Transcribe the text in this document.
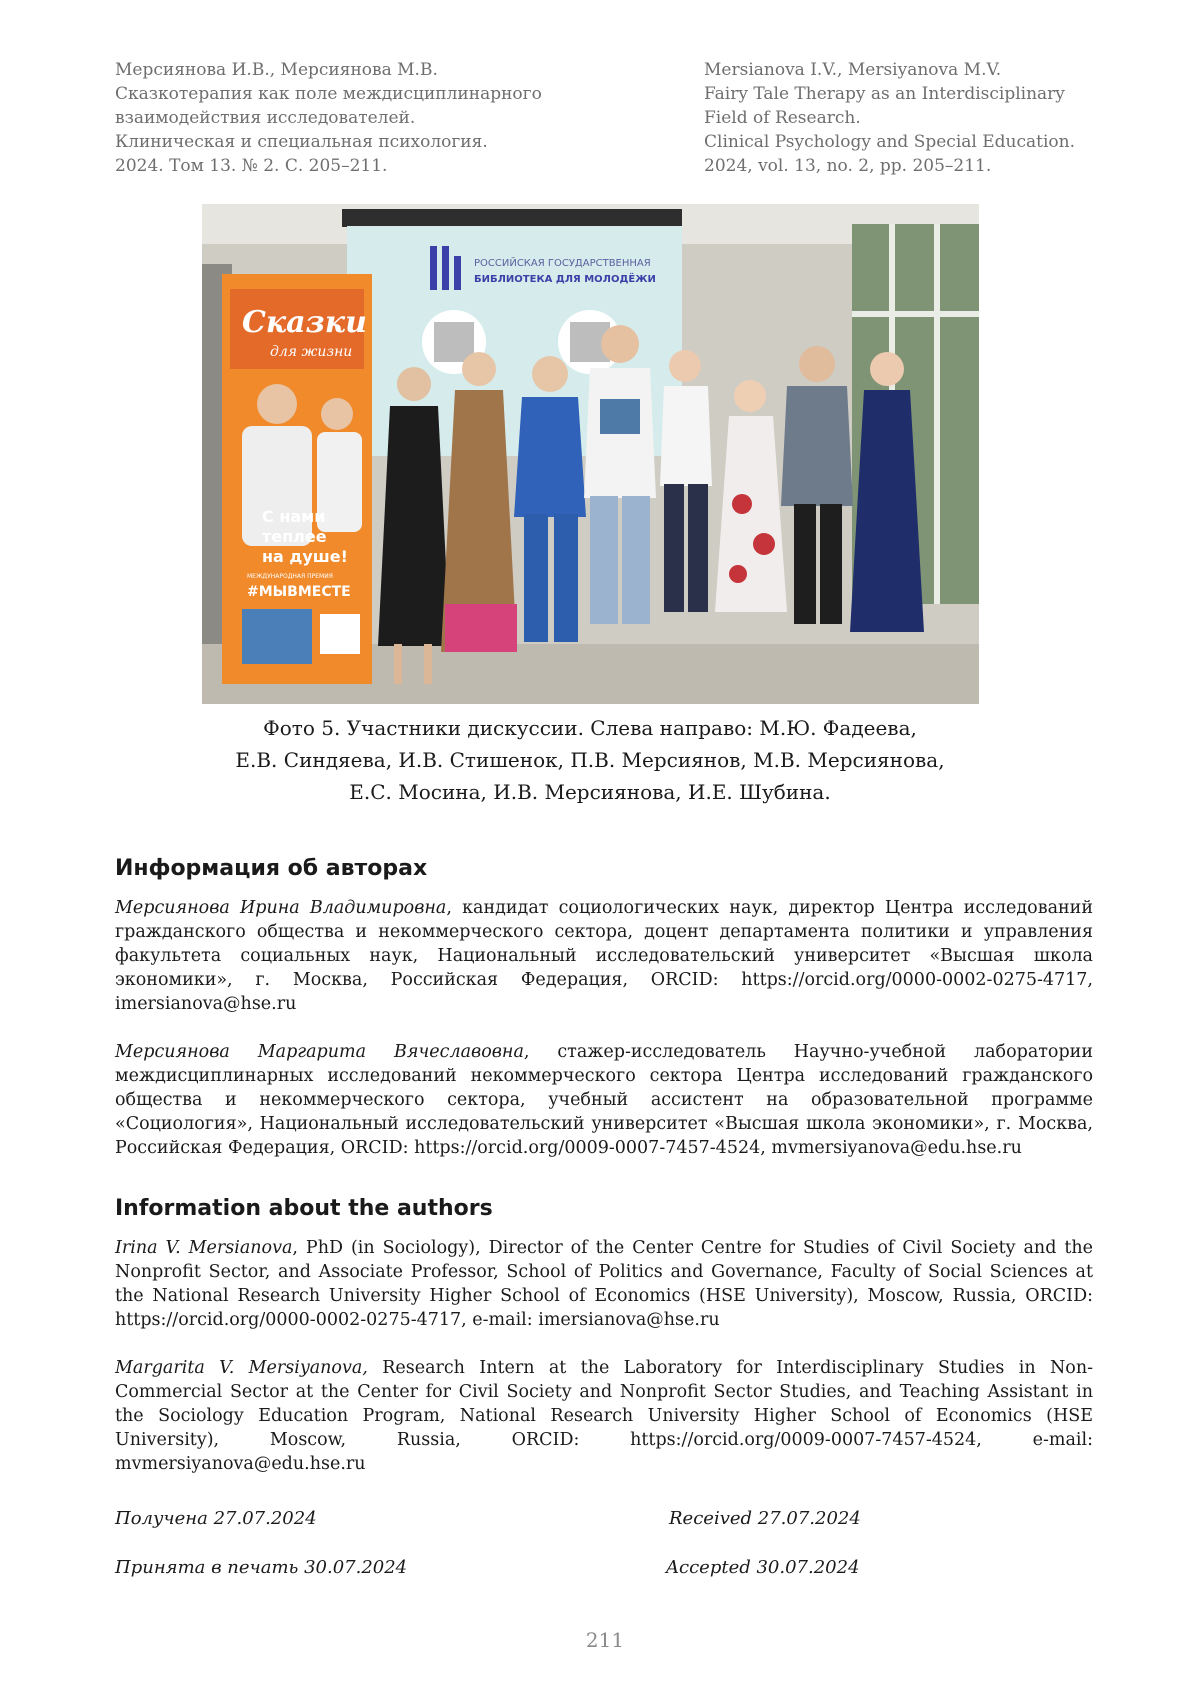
Мерсиянова И.В., Мерсиянова М.В.
Сказкотерапия как поле междисциплинарного
взаимодействия исследователей.
Клиническая и специальная психология.
2024. Том 13. № 2. С. 205–211.
Mersianova I.V., Mersiyanova M.V.
Fairy Tale Therapy as an Interdisciplinary
Field of Research.
Clinical Psychology and Special Education.
2024, vol. 13, no. 2, pp. 205–211.
РОССИЙСКАЯ ГОСУДАРСТВЕННАЯ
БИБЛИОТЕКА ДЛЯ МОЛОДЁЖИ
Сказки
для жизни
С нами
теплее
на душе!
МЕЖДУНАРОДНАЯ ПРЕМИЯ
#МЫВМЕСТЕ
Фото 5. Участники дискуссии. Слева направо: М.Ю. Фадеева,
Е.В. Синдяева, И.В. Стишенок, П.В. Мерсиянов, М.В. Мерсиянова,
Е.С. Мосина, И.В. Мерсиянова, И.Е. Шубина.
Информация об авторах

Мерсиянова Ирина Владимировна, кандидат социологических наук, директор Центра исследований гражданского общества и некоммерческого сектора, доцент департамента политики и управления факультета социальных наук, Национальный исследовательский университет «Высшая школа экономики», г. Москва, Российская Федерация, ORCID: https://orcid.org/0000-0002-0275-4717, imersianova@hse.ru

Мерсиянова Маргарита Вячеславовна, стажер-исследователь Научно-учебной лаборатории междисциплинарных исследований некоммерческого сектора Центра исследований гражданского общества и некоммерческого сектора, учебный ассистент на образовательной программе «Социология», Национальный исследовательский университет «Высшая школа экономики», г. Москва, Российская Федерация, ORCID: https://orcid.org/0009-0007-7457-4524, mvmersiyanova@edu.hse.ru

Information about the authors

Irina V. Mersianova, PhD (in Sociology), Director of the Center Centre for Studies of Civil Society and the Nonprofit Sector, and Associate Professor, School of Politics and Governance, Faculty of Social Sciences at the National Research University Higher School of Economics (HSE University), Moscow, Russia, ORCID: https://orcid.org/0000-0002-0275-4717, e-mail: imersianova@hse.ru

Margarita V. Mersiyanova, Research Intern at the Laboratory for Interdisciplinary Studies in Non-Commercial Sector at the Center for Civil Society and Nonprofit Sector Studies, and Teaching Assistant in the Sociology Education Program, National Research University Higher School of Economics (HSE University), Moscow, Russia, ORCID: https://orcid.org/0009-0007-7457-4524, e-mail: mvmersiyanova@edu.hse.ru

Получена 27.07.2024	Received 27.07.2024
Принята в печать 30.07.2024	Accepted 30.07.2024
211
